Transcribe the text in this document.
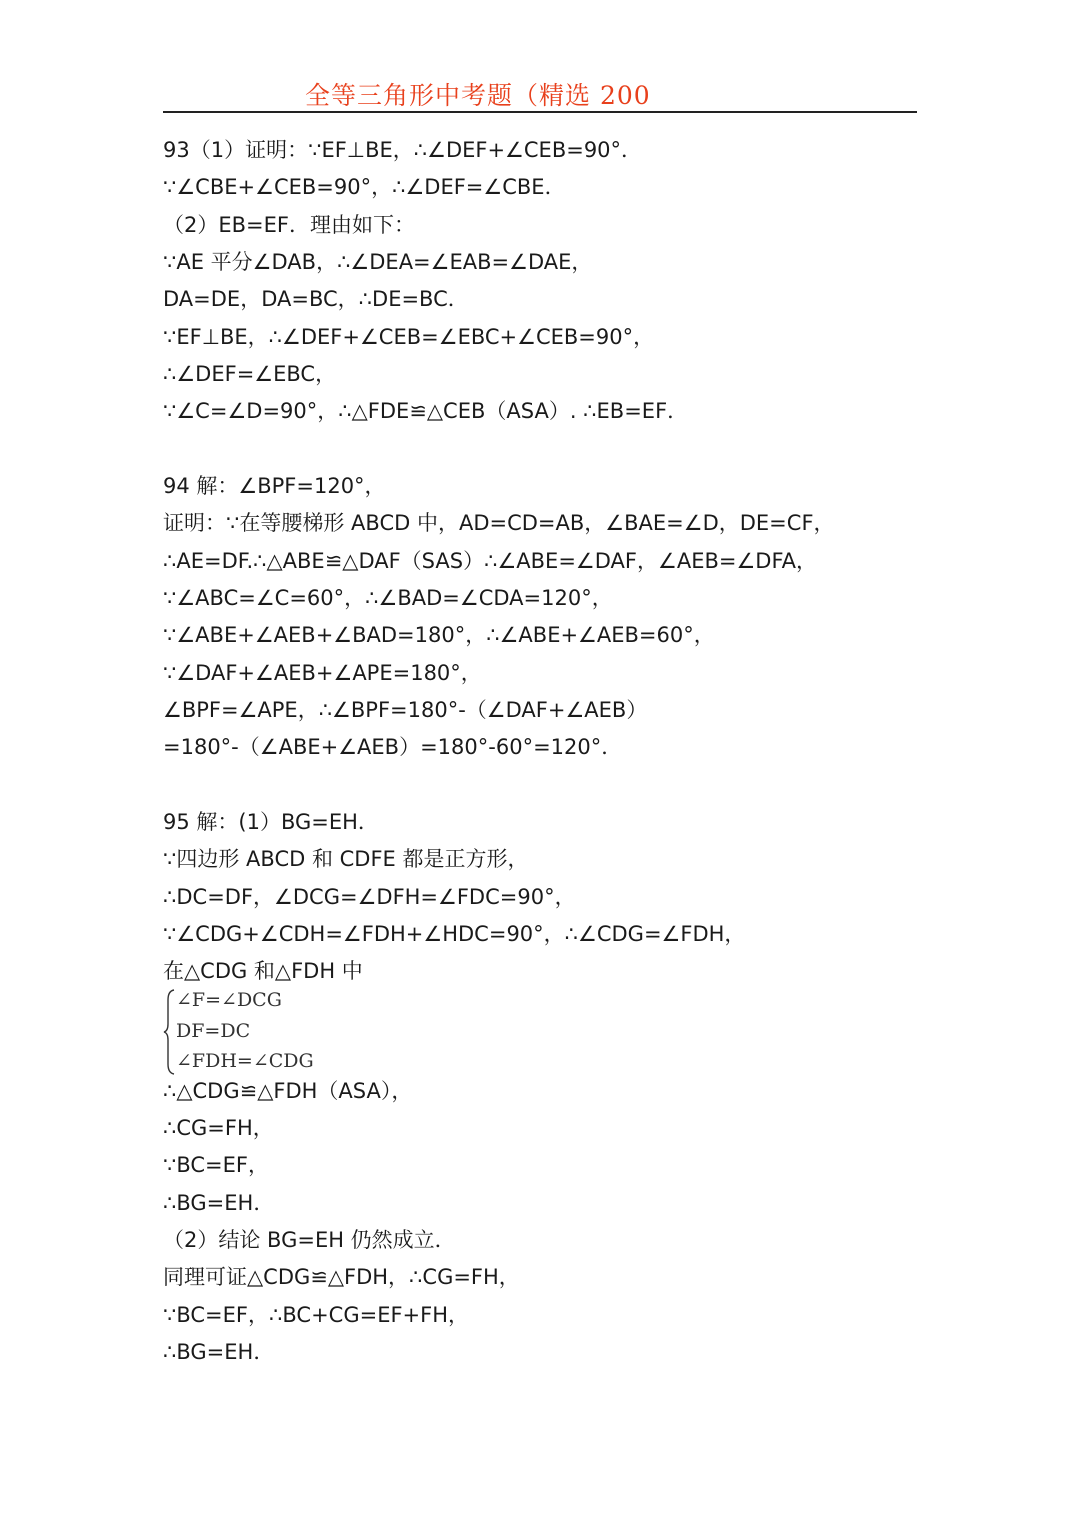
全等三角形中考题（精选 200
93（1）证明：∵EF⊥BE，∴∠DEF+∠CEB=90°．
∵∠CBE+∠CEB=90°，∴∠DEF=∠CBE．
（2）EB=EF．理由如下：
∵AE 平分∠DAB，∴∠DEA=∠EAB=∠DAE，
DA=DE，DA=BC，∴DE=BC．
∵EF⊥BE，∴∠DEF+∠CEB=∠EBC+∠CEB=90°，
∴∠DEF=∠EBC，
∵∠C=∠D=90°，∴△FDE≌△CEB（ASA）. ∴EB=EF．
94 解：∠BPF=120°，
证明：∵在等腰梯形 ABCD 中，AD=CD=AB，∠BAE=∠D，DE=CF，
∴AE=DF.∴△ABE≌△DAF（SAS）∴∠ABE=∠DAF，∠AEB=∠DFA，
∵∠ABC=∠C=60°，∴∠BAD=∠CDA=120°，
∵∠ABE+∠AEB+∠BAD=180°，∴∠ABE+∠AEB=60°，
∵∠DAF+∠AEB+∠APE=180°，
∠BPF=∠APE，∴∠BPF=180°-（∠DAF+∠AEB）
=180°-（∠ABE+∠AEB）=180°-60°=120°．
95 解：(1）BG=EH．
∵四边形 ABCD 和 CDFE 都是正方形，
∴DC=DF，∠DCG=∠DFH=∠FDC=90°，
∵∠CDG+∠CDH=∠FDH+∠HDC=90°，∴∠CDG=∠FDH，
在△CDG 和△FDH 中
∠F=∠DCG
DF=DC
∠FDH=∠CDG
∴△CDG≌△FDH（ASA），
∴CG=FH，
∵BC=EF，
∴BG=EH．
（2）结论 BG=EH 仍然成立．
同理可证△CDG≌△FDH，∴CG=FH，
∵BC=EF，∴BC+CG=EF+FH，
∴BG=EH．
